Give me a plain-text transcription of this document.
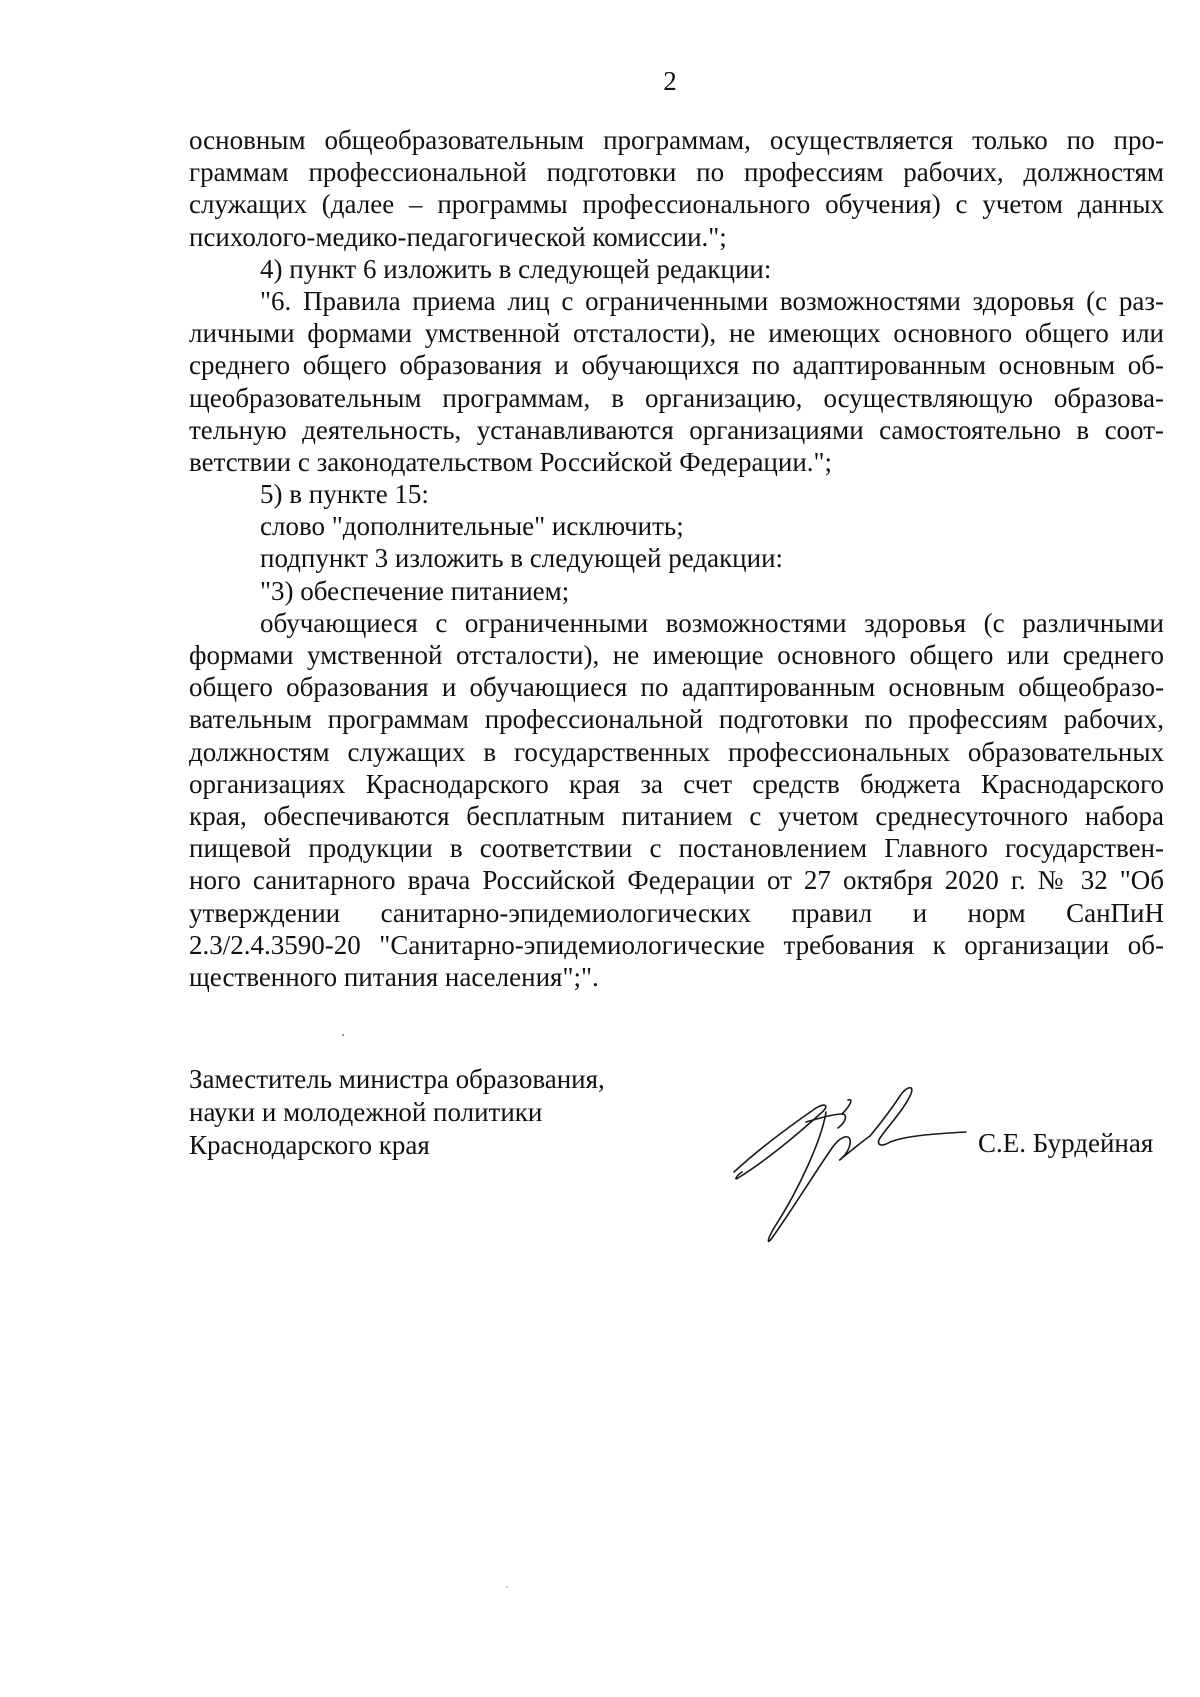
2
основным общеобразовательным программам, осуществляется только по про-
граммам профессиональной подготовки по профессиям рабочих, должностям
служащих (далее – программы профессионального обучения) с учетом данных
психолого-медико-педагогической комиссии.";
4) пункт 6 изложить в следующей редакции:
"6. Правила приема лиц с ограниченными возможностями здоровья (с раз-
личными формами умственной отсталости), не имеющих основного общего или
среднего общего образования и обучающихся по адаптированным основным об-
щеобразовательным программам, в организацию, осуществляющую образова-
тельную деятельность, устанавливаются организациями самостоятельно в соот-
ветствии с законодательством Российской Федерации.";
5) в пункте 15:
слово "дополнительные" исключить;
подпункт 3 изложить в следующей редакции:
"3) обеспечение питанием;
обучающиеся с ограниченными возможностями здоровья (с различными
формами умственной отсталости), не имеющие основного общего или среднего
общего образования и обучающиеся по адаптированным основным общеобразо-
вательным программам профессиональной подготовки по профессиям рабочих,
должностям служащих в государственных профессиональных образовательных
организациях Краснодарского края за счет средств бюджета Краснодарского
края, обеспечиваются бесплатным питанием с учетом среднесуточного набора
пищевой продукции в соответствии с постановлением Главного государствен-
ного санитарного врача Российской Федерации от 27 октября 2020 г. № 32 "Об
утверждении санитарно-эпидемиологических правил и норм СанПиН
2.3/2.4.3590-20 "Санитарно-эпидемиологические требования к организации об-
щественного питания населения";".
Заместитель министра образования,
науки и молодежной политики
Краснодарского края	С.Е. Бурдейная
